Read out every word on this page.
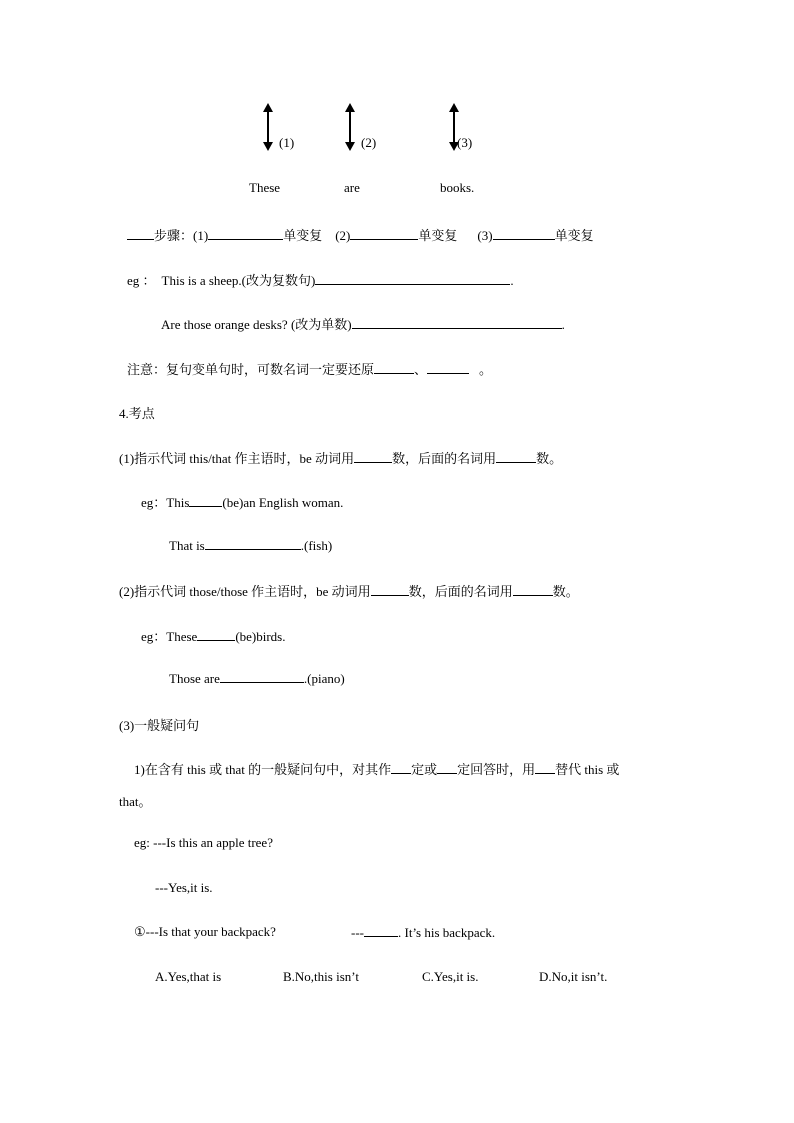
(1)	(2)	(3)
These	are	books.
步骤：(1)	单变复 (2)	单变复 (3)	单变复
eg ： This is a sheep.(改为复数句)	.
Are those orange desks? (改为单数)	.
注意：复句变单句时，可数名词一定要还原	、	。
4.考点
(1)指示代词 this/that 作主语时，be 动词用	数，后面的名词用	数。
eg：This	(be)an English woman.
That is	.(fish)
(2)指示代词 those/those 作主语时，be 动词用	数，后面的名词用	数。
eg：These	(be)birds.
Those are	.(piano)
(3)一般疑问句
1)在含有 this 或 that 的一般疑问句中，对其作 定或 定回答时，用 替代 this 或
that。
eg: ---Is this an apple tree?
---Yes,it is.
①---Is that your backpack?	---	. It’s his backpack.
A.Yes,that is	B.No,this isn’t	C.Yes,it is.	D.No,it isn’t.
